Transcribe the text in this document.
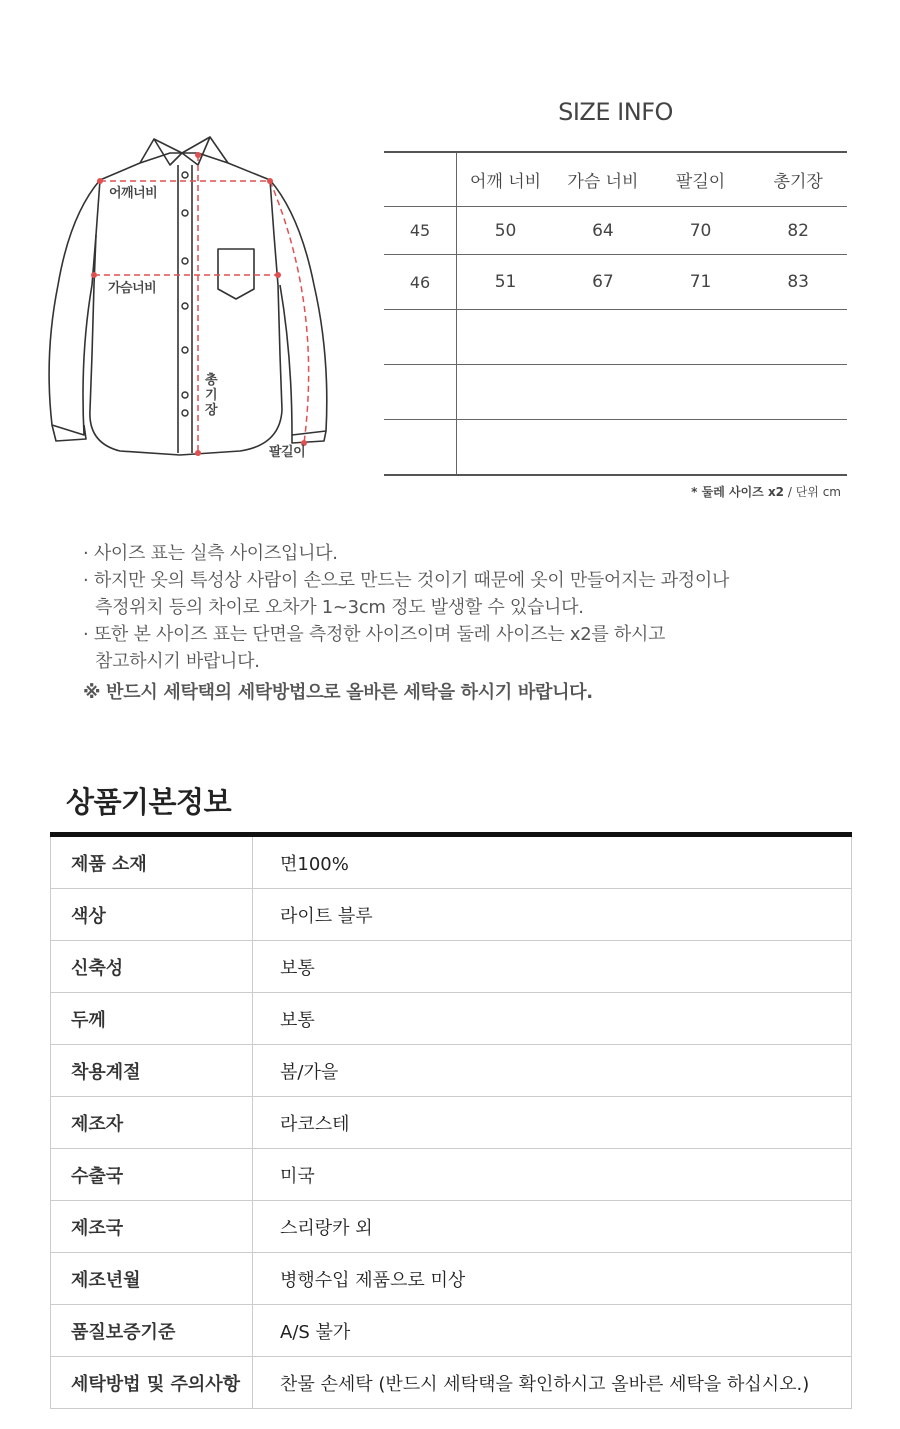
어깨너비
가슴너비
총기장
팔길이
SIZE INFO
	어깨 너비	가슴 너비	팔길이	총기장
45	50	64	70	82
46	51	67	71	83

* 둘레 사이즈 x2 / 단위 cm
· 사이즈 표는 실측 사이즈입니다.
· 하지만 옷의 특성상 사람이 손으로 만드는 것이기 때문에 옷이 만들어지는 과정이나
측정위치 등의 차이로 오차가 1~3cm 정도 발생할 수 있습니다.
· 또한 본 사이즈 표는 단면을 측정한 사이즈이며 둘레 사이즈는 x2를 하시고
참고하시기 바랍니다.
※ 반드시 세탁택의 세탁방법으로 올바른 세탁을 하시기 바랍니다.
상품기본정보
제품 소재	면100%
색상	라이트 블루
신축성	보통
두께	보통
착용계절	봄/가을
제조자	라코스테
수출국	미국
제조국	스리랑카 외
제조년월	병행수입 제품으로 미상
품질보증기준	A/S 불가
세탁방법 및 주의사항	찬물 손세탁 (반드시 세탁택을 확인하시고 올바른 세탁을 하십시오.)
